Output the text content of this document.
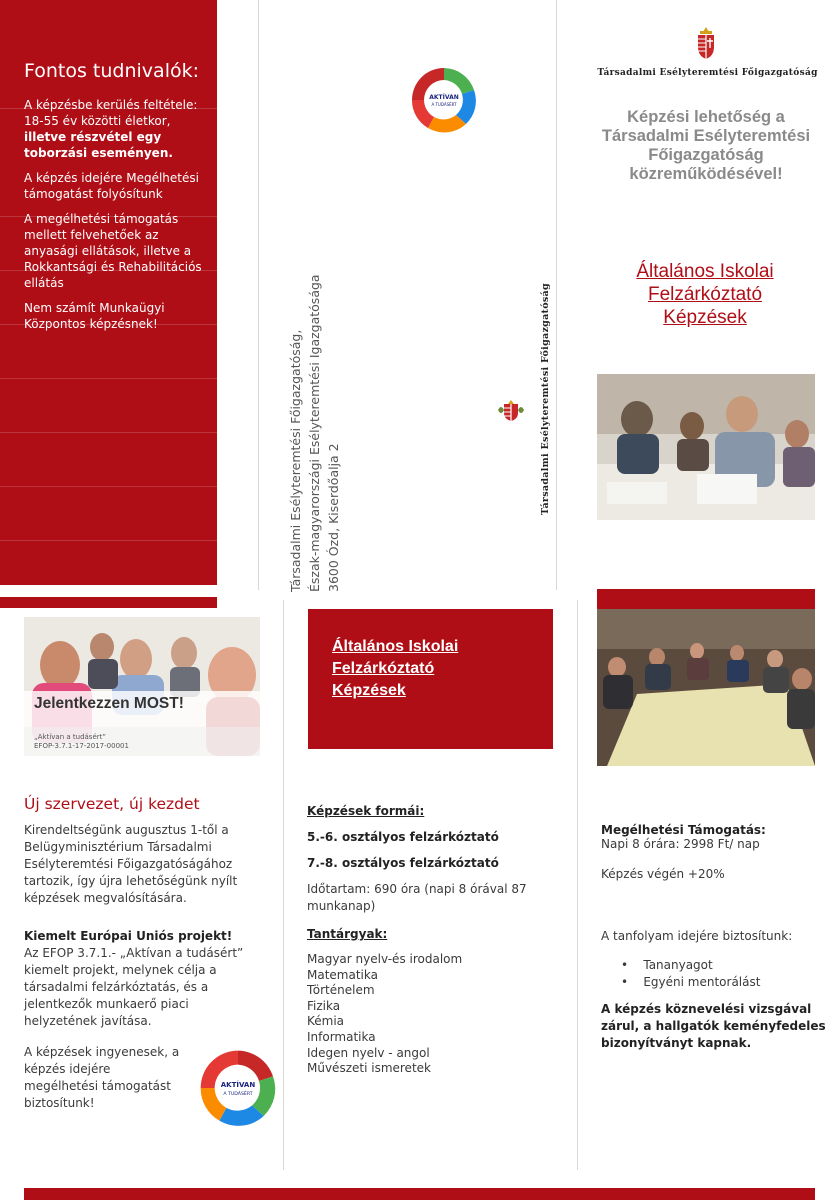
Fontos tudnivalók:
A képzésbe kerülés feltétele: 18-55 év közötti életkor, illetve részvétel egy toborzási eseményen.
A képzés idejére Megélhetési támogatást folyósítunk
A megélhetési támogatás mellett felvehetőek az anyasági ellátások, illetve a Rokkantsági és Rehabilitációs ellátás
Nem számít Munkaügyi Központos képzésnek!
AKTÍVAN
A TUDÁSÉRT
Társadalmi Esélyteremtési Főigazgatóság, Észak-magyarországi Esélyteremtési Igazgatósága 3600 Ózd, Kiserdőalja 2
Társadalmi Esélyteremtési Főigazgatóság
Társadalmi Esélyteremtési Főigazgatóság
Képzési lehetőség a Társadalmi Esélyteremtési Főigazgatóság közreműködésével!
Általános Iskolai
Felzárkóztató
Képzések
Jelentkezzen MOST!
„Aktívan a tudásért”
EFOP-3.7.1-17-2017-00001
Új szervezet, új kezdet
Kirendeltségünk augusztus 1-től a Belügyminisztérium Társadalmi Esélyteremtési Főigazgatóságához tartozik, így újra lehetőségünk nyílt képzések megvalósítására.
Kiemelt Európai Uniós projekt!
Az EFOP 3.7.1.- „Aktívan a tudásért” kiemelt projekt, melynek célja a társadalmi felzárkóztatás, és a jelentkezők munkaerő piaci helyzetének javítása.
A képzések ingyenesek, a képzés idejére megélhetési támogatást biztosítunk!
AKTÍVAN
A TUDÁSÉRT
Általános Iskolai
Felzárkóztató
Képzések
Képzések formái:
5.-6. osztályos felzárkóztató
7.-8. osztályos felzárkóztató
Időtartam: 690 óra (napi 8 órával 87 munkanap)
Tantárgyak:
Magyar nyelv-és irodalom
Matematika
Történelem
Fizika
Kémia
Informatika
Idegen nyelv - angol
Művészeti ismeretek
Megélhetési Támogatás:
Napi 8 órára: 2998 Ft/ nap
Képzés végén +20%
A tanfolyam idejére biztosítunk:
•    Tananyagot
•    Egyéni mentorálást
A képzés köznevelési vizsgával zárul, a hallgatók keményfedeles bizonyítványt kapnak.
